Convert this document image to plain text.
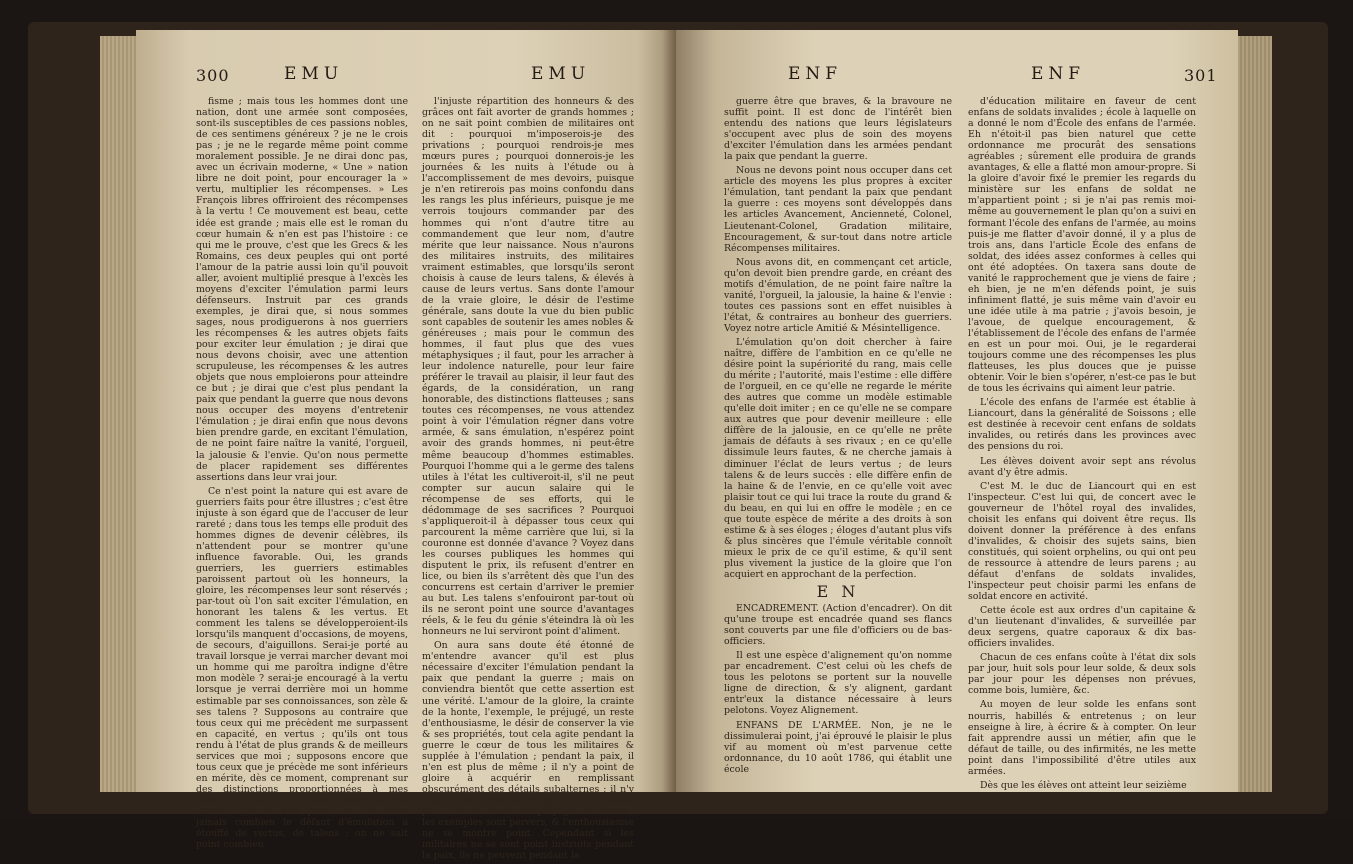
300	EMU	EMU

fisme ; mais tous les hommes dont une nation, dont une armée sont composées, sont-ils susceptibles de ces passions nobles, de ces sentimens généreux ? je ne le crois pas ; je ne le regarde même point comme moralement possible. Je ne dirai donc pas, avec un écrivain moderne, « Une » nation libre ne doit point, pour encourager la » vertu, multiplier les récompenses. » Les François libres offriroient des récompenses à la vertu ! Ce mouvement est beau, cette idée est grande ; mais elle est le roman du cœur humain & n'en est pas l'histoire : ce qui me le prouve, c'est que les Grecs & les Romains, ces deux peuples qui ont porté l'amour de la patrie aussi loin qu'il pouvoit aller, avoient multiplié presque à l'excès les moyens d'exciter l'émulation parmi leurs défenseurs. Instruit par ces grands exemples, je dirai que, si nous sommes sages, nous prodiguerons à nos guerriers les récompenses & les autres objets faits pour exciter leur émulation ; je dirai que nous devons choisir, avec une attention scrupuleuse, les récompenses & les autres objets que nous emploierons pour atteindre ce but ; je dirai que c'est plus pendant la paix que pendant la guerre que nous devons nous occuper des moyens d'entretenir l'émulation ; je dirai enfin que nous devons bien prendre garde, en excitant l'émulation, de ne point faire naître la vanité, l'orgueil, la jalousie & l'envie. Qu'on nous permette de placer rapidement ses différentes assertions dans leur vrai jour.

Ce n'est point la nature qui est avare de guerriers faits pour être illustres ; c'est être injuste à son égard que de l'accuser de leur rareté ; dans tous les temps elle produit des hommes dignes de devenir célèbres, ils n'attendent pour se montrer qu'une influence favorable. Oui, les grands guerriers, les guerriers estimables paroissent partout où les honneurs, la gloire, les récompenses leur sont réservés ; par-tout où l'on sait exciter l'émulation, en honorant les talens & les vertus. Et comment les talens se développeroient-ils lorsqu'ils manquent d'occasions, de moyens, de secours, d'aiguillons. Serai-je porté au travail lorsque je verrai marcher devant moi un homme qui me paroîtra indigne d'être mon modèle ? serai-je encouragé à la vertu lorsque je verrai derrière moi un homme estimable par ses connoissances, son zèle & ses talens ? Supposons au contraire que tous ceux qui me précèdent me surpassent en capacité, en vertus ; qu'ils ont tous rendu à l'état de plus grands & de meilleurs services que moi ; supposons encore que tous ceux que je précède me sont inférieurs en mérite, dès ce moment, comprenant sur des distinctions proportionnées à mes talens, je me livrerai tout entier à mes devoirs. On ne sait point, on ne saura jamais combien le défaut d'émulation a étouffé de vertus, de talens ; on ne sait point combien

l'injuste répartition des honneurs & des grâces ont fait avorter de grands hommes ; on ne sait point combien de militaires ont dit : pourquoi m'imposerois-je des privations ; pourquoi rendrois-je mes mœurs pures ; pourquoi donnerois-je les journées & les nuits à l'étude ou à l'accomplissement de mes devoirs, puisque je n'en retirerois pas moins confondu dans les rangs les plus inférieurs, puisque je me verrois toujours commander par des hommes qui n'ont d'autre titre au commandement que leur nom, d'autre mérite que leur naissance. Nous n'aurons des militaires instruits, des militaires vraiment estimables, que lorsqu'ils seront choisis à cause de leurs talens, & élevés à cause de leurs vertus. Sans donte l'amour de la vraie gloire, le désir de l'estime générale, sans doute la vue du bien public sont capables de soutenir les ames nobles & généreuses ; mais pour le commun des hommes, il faut plus que des vues métaphysiques ; il faut, pour les arracher à leur indolence naturelle, pour leur faire préférer le travail au plaisir, il leur faut des égards, de la considération, un rang honorable, des distinctions flatteuses ; sans toutes ces récompenses, ne vous attendez point à voir l'émulation régner dans votre armée, & sans émulation, n'espérez point avoir des grands hommes, ni peut-être même beaucoup d'hommes estimables. Pourquoi l'homme qui a le germe des talens utiles à l'état les cultiveroit-il, s'il ne peut compter sur aucun salaire qui le récompense de ses efforts, qui le dédommage de ses sacrifices ? Pourquoi s'appliqueroit-il à dépasser tous ceux qui parcourent la même carrière que lui, si la couronne est donnée d'avance ? Voyez dans les courses publiques les hommes qui disputent le prix, ils refusent d'entrer en lice, ou bien ils s'arrêtent dès que l'un des concurrens est certain d'arriver le premier au but. Les talens s'enfouiront par-tout où ils ne seront point une source d'avantages réels, & le feu du génie s'éteindra là où les honneurs ne lui serviront point d'aliment.

On aura sans doute été étonné de m'entendre avancer qu'il est plus nécessaire d'exciter l'émulation pendant la paix que pendant la guerre ; mais on conviendra bientôt que cette assertion est une vérité. L'amour de la gloire, la crainte de la honte, l'exemple, le préjugé, un reste d'enthousiasme, le désir de conserver la vie & ses propriétés, tout cela agite pendant la guerre le cœur de tous les militaires & supplée à l'émulation ; pendant la paix, il n'en est plus de même ; il n'y a point de gloire à acquérir en remplissant obscurément des détails subalternes ; il n'y a point de honte à craindre en n'étudiant point l'art militaire ; les préjugés se taisent ; les exemples sont pervers, & l'enthousiasme ne se montre point. Cependant si les militaires ne se sont point instruits pendant la paix, ils ne peuvent pendant la

ENF	ENF	301

guerre être que braves, & la bravoure ne suffit point. Il est donc de l'intérêt bien entendu des nations que leurs législateurs s'occupent avec plus de soin des moyens d'exciter l'émulation dans les armées pendant la paix que pendant la guerre.

Nous ne devons point nous occuper dans cet article des moyens les plus propres à exciter l'émulation, tant pendant la paix que pendant la guerre : ces moyens sont développés dans les articles Avancement, Ancienneté, Colonel, Lieutenant-Colonel, Gradation militaire, Encouragement, & sur-tout dans notre article Récompenses militaires.

Nous avons dit, en commençant cet article, qu'on devoit bien prendre garde, en créant des motifs d'émulation, de ne point faire naître la vanité, l'orgueil, la jalousie, la haine & l'envie : toutes ces passions sont en effet nuisibles à l'état, & contraires au bonheur des guerriers. Voyez notre article Amitié & Mésintelligence.

L'émulation qu'on doit chercher à faire naître, diffère de l'ambition en ce qu'elle ne désire point la supériorité du rang, mais celle du mérite ; l'autorité, mais l'estime : elle diffère de l'orgueil, en ce qu'elle ne regarde le mérite des autres que comme un modèle estimable qu'elle doit imiter ; en ce qu'elle ne se compare aux autres que pour devenir meilleure : elle diffère de la jalousie, en ce qu'elle ne prête jamais de défauts à ses rivaux ; en ce qu'elle dissimule leurs fautes, & ne cherche jamais à diminuer l'éclat de leurs vertus ; de leurs talens & de leurs succès : elle diffère enfin de la haine & de l'envie, en ce qu'elle voit avec plaisir tout ce qui lui trace la route du grand & du beau, en qui lui en offre le modèle ; en ce que toute espèce de mérite a des droits à son estime & à ses éloges ; éloges d'autant plus vifs & plus sincères que l'émule véritable connoît mieux le prix de ce qu'il estime, & qu'il sent plus vivement la justice de la gloire que l'on acquiert en approchant de la perfection.

E N

ENCADREMENT. (Action d'encadrer). On dit qu'une troupe est encadrée quand ses flancs sont couverts par une file d'officiers ou de bas-officiers.

Il est une espèce d'alignement qu'on nomme par encadrement. C'est celui où les chefs de tous les pelotons se portent sur la nouvelle ligne de direction, & s'y alignent, gardant entr'eux la distance nécessaire à leurs pelotons. Voyez Alignement.

ENFANS DE L'ARMÉE. Non, je ne le dissimulerai point, j'ai éprouvé le plaisir le plus vif au moment où m'est parvenue cette ordonnance, du 10 août 1786, qui établit une école

d'éducation militaire en faveur de cent enfans de soldats invalides ; école à laquelle on a donné le nom d'École des enfans de l'armée. Eh n'étoit-il pas bien naturel que cette ordonnance me procurât des sensations agréables ; sûrement elle produira de grands avantages, & elle a flatté mon amour-propre. Si la gloire d'avoir fixé le premier les regards du ministère sur les enfans de soldat ne m'appartient point ; si je n'ai pas remis moi-même au gouvernement le plan qu'on a suivi en formant l'école des enfans de l'armée, au moins puis-je me flatter d'avoir donné, il y a plus de trois ans, dans l'article École des enfans de soldat, des idées assez conformes à celles qui ont été adoptées. On taxera sans doute de vanité le rapprochement que je viens de faire ; eh bien, je ne m'en défends point, je suis infiniment flatté, je suis même vain d'avoir eu une idée utile à ma patrie ; j'avois besoin, je l'avoue, de quelque encouragement, & l'établissement de l'école des enfans de l'armée en est un pour moi. Oui, je le regarderai toujours comme une des récompenses les plus flatteuses, les plus douces que je puisse obtenir. Voir le bien s'opérer, n'est-ce pas le but de tous les écrivains qui aiment leur patrie.

L'école des enfans de l'armée est établie à Liancourt, dans la généralité de Soissons ; elle est destinée à recevoir cent enfans de soldats invalides, ou retirés dans les provinces avec des pensions du roi.

Les élèves doivent avoir sept ans révolus avant d'y être admis.

C'est M. le duc de Liancourt qui en est l'inspecteur. C'est lui qui, de concert avec le gouverneur de l'hôtel royal des invalides, choisit les enfans qui doivent être reçus. Ils doivent donner la préférence à des enfans d'invalides, & choisir des sujets sains, bien constitués, qui soient orphelins, ou qui ont peu de ressource à attendre de leurs parens ; au défaut d'enfans de soldats invalides, l'inspecteur peut choisir parmi les enfans de soldat encore en activité.

Cette école est aux ordres d'un capitaine & d'un lieutenant d'invalides, & surveillée par deux sergens, quatre caporaux & dix bas-officiers invalides.

Chacun de ces enfans coûte à l'état dix sols par jour, huit sols pour leur solde, & deux sols par jour pour les dépenses non prévues, comme bois, lumière, &c.

Au moyen de leur solde les enfans sont nourris, habillés & entretenus ; on leur enseigne à lire, à écrire & à compter. On leur fait apprendre aussi un métier, afin que le défaut de taille, ou des infirmités, ne les mette point dans l'impossibilité d'être utiles aux armées.

Dès que les élèves ont atteint leur seizième
